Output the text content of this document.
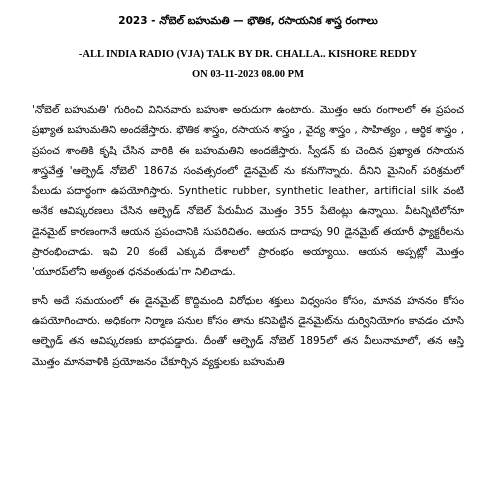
2023 - నోబెల్ బహుమతి — భౌతిక, రసాయనిక శాస్త్ర రంగాలు
-ALL INDIA RADIO (VJA) TALK BY DR. CHALLA.. KISHORE REDDY
ON 03-11-2023 08.00 PM

'నోబెల్ బహుమతి' గురించి వినినవారు బహుశా అరుదుగా ఉంటారు. మొత్తం ఆరు రంగాలలో ఈ ప్రపంచ ప్రఖ్యాత బహుమతిని అందజేస్తారు. భౌతిక శాస్త్రం, రసాయన శాస్త్రం , వైద్య శాస్త్రం , సాహిత్యం , ఆర్థిక శాస్త్రం , ప్రపంచ శాంతికి కృషి చేసిన వారికి ఈ బహుమతిని అందజేస్తారు. స్వీడన్ కు చెందిన ప్రఖ్యాత రసాయన శాస్త్రవేత్త 'ఆల్ఫ్రెడ్ నోబెల్' 1867వ సంవత్సరంలో డైనమైట్ ను కనుగొన్నారు. దీనిని మైనింగ్ పరిశ్రమలో పేలుడు పదార్థంగా ఉపయోగిస్తారు. Synthetic rubber, synthetic leather, artificial silk వంటి అనేక ఆవిష్కరణలు చేసిన ఆల్ఫ్రెడ్ నోబెల్ పేరుమీద మొత్తం 355 పేటెంట్లు ఉన్నాయి. వీటన్నిటిలోనూ డైనమైట్ కారణంగానే ఆయన ప్రపంచానికి సుపరిచితం. ఆయన దాదాపు 90 డైనమైట్ తయారీ ఫ్యాక్టరీలను ప్రారంభించాడు. ఇవి 20 కంటే ఎక్కువ దేశాలలో ప్రారంభం అయ్యాయి. ఆయన అప్పట్లో మొత్తం 'యూరప్‌లోని అత్యంత ధనవంతుడు'గా నిలిచాడు.

కానీ అదే సమయంలో ఈ డైనమైట్ కొద్దిమంది విరోధుల శక్తులు విధ్వంసం కోసం, మానవ హననం కోసం ఉపయోగించారు. అధికంగా నిర్మాణ పనుల కోసం తాను కనిపెట్టిన డైనమైట్‌ను దుర్వినియోగం కావడం చూసి ఆల్ఫ్రెడ్ తన ఆవిష్కరణకు బాధపడ్డారు. దీంతో ఆల్ఫ్రెడ్ నోబెల్ 1895లో తన వీలునామాలో, తన ఆస్తి మొత్తం మానవాళికి ప్రయోజనం చేకూర్చిన వ్యక్తులకు బహుమతి
